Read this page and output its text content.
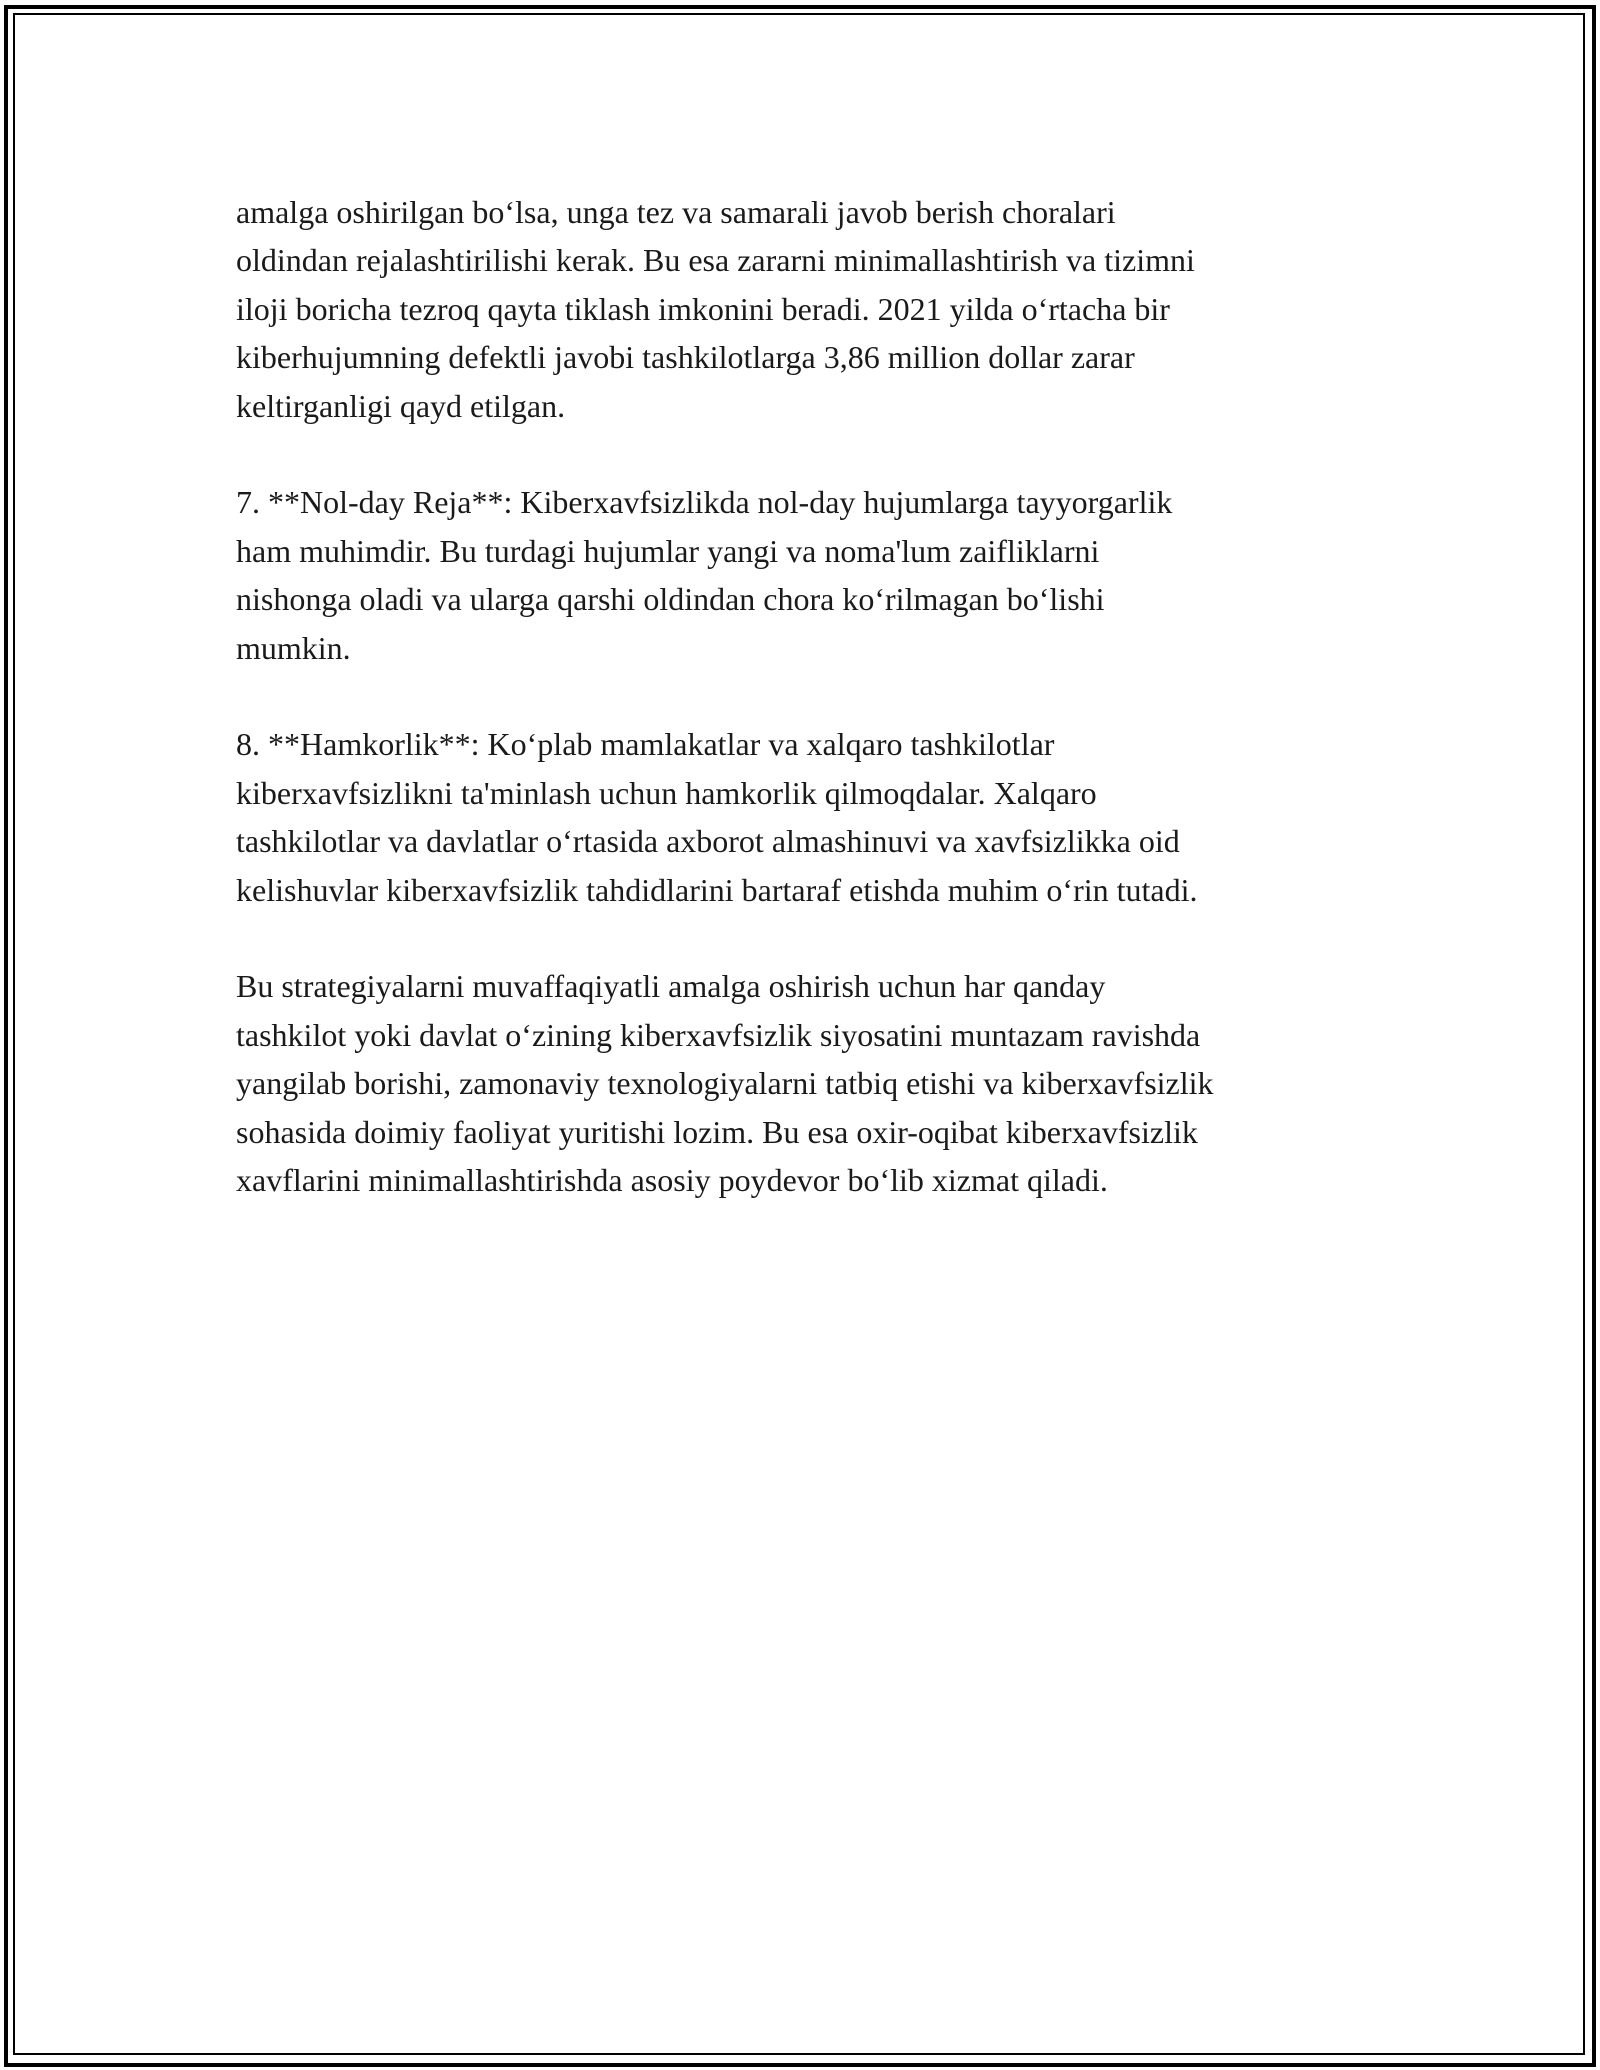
amalga oshirilgan bo‘lsa, unga tez va samarali javob berish choralari
oldindan rejalashtirilishi kerak. Bu esa zararni minimallashtirish va tizimni
iloji boricha tezroq qayta tiklash imkonini beradi. 2021 yilda o‘rtacha bir
kiberhujumning defektli javobi tashkilotlarga 3,86 million dollar zarar
keltirganligi qayd etilgan.

7. **Nol-day Reja**: Kiberxavfsizlikda nol-day hujumlarga tayyorgarlik
ham muhimdir. Bu turdagi hujumlar yangi va noma'lum zaifliklarni
nishonga oladi va ularga qarshi oldindan chora ko‘rilmagan bo‘lishi
mumkin.

8. **Hamkorlik**: Ko‘plab mamlakatlar va xalqaro tashkilotlar
kiberxavfsizlikni ta'minlash uchun hamkorlik qilmoqdalar. Xalqaro
tashkilotlar va davlatlar o‘rtasida axborot almashinuvi va xavfsizlikka oid
kelishuvlar kiberxavfsizlik tahdidlarini bartaraf etishda muhim o‘rin tutadi.

Bu strategiyalarni muvaffaqiyatli amalga oshirish uchun har qanday
tashkilot yoki davlat o‘zining kiberxavfsizlik siyosatini muntazam ravishda
yangilab borishi, zamonaviy texnologiyalarni tatbiq etishi va kiberxavfsizlik
sohasida doimiy faoliyat yuritishi lozim. Bu esa oxir-oqibat kiberxavfsizlik
xavflarini minimallashtirishda asosiy poydevor bo‘lib xizmat qiladi.
